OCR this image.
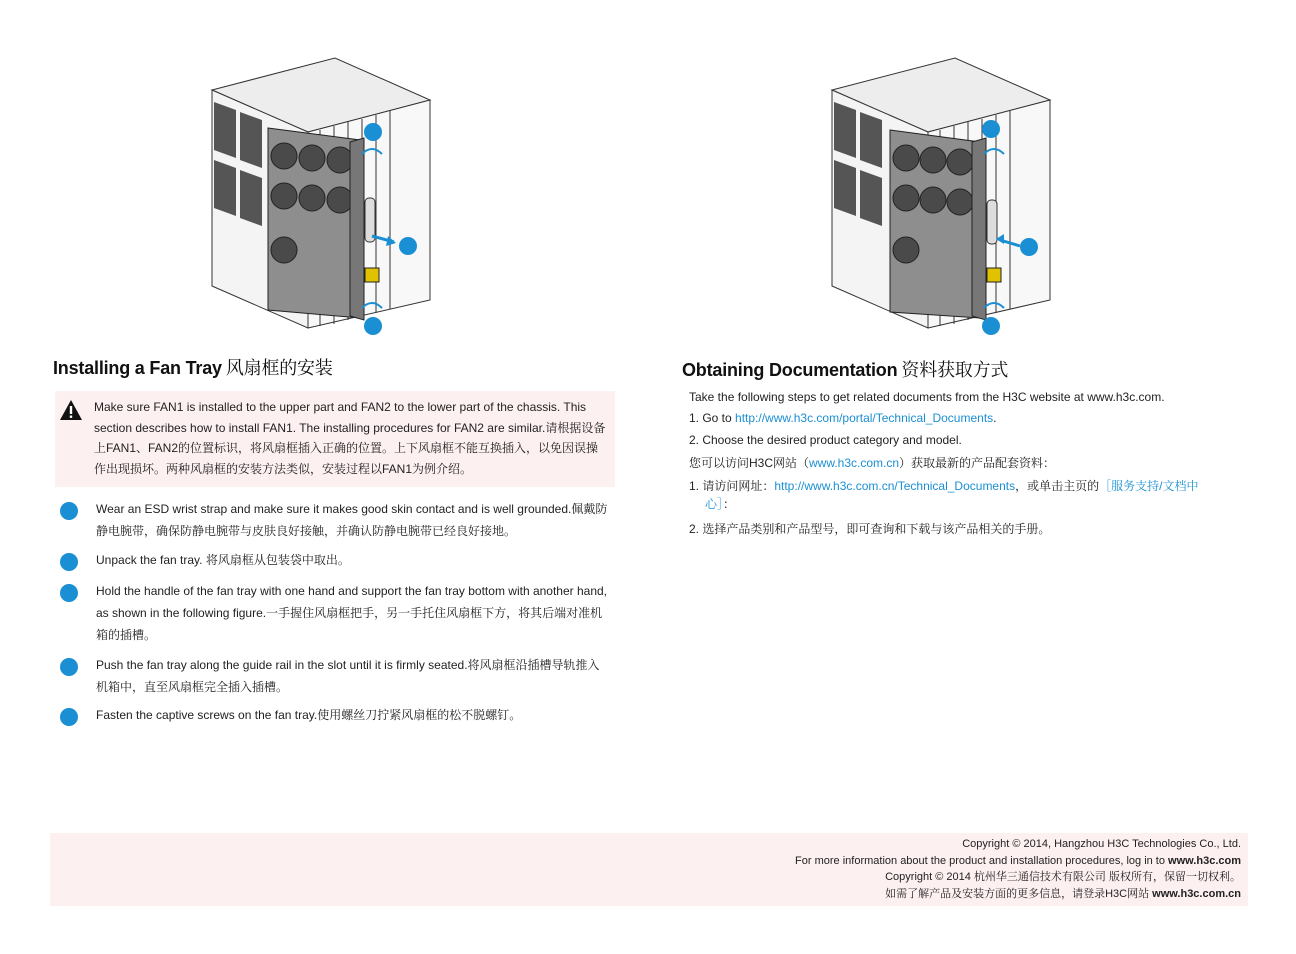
Installing a Fan Tray 风扇框的安装

Make sure FAN1 is installed to the upper part and FAN2 to the lower part of the chassis. This section describes how to install FAN1. The installing procedures for FAN2 are similar.请根据设备上FAN1、FAN2的位置标识，将风扇框插入正确的位置。上下风扇框不能互换插入，以免因误操作出现损坏。两种风扇框的安装方法类似，安装过程以FAN1为例介绍。

Wear an ESD wrist strap and make sure it makes good skin contact and is well grounded.佩戴防静电腕带，确保防静电腕带与皮肤良好接触，并确认防静电腕带已经良好接地。

Unpack the fan tray. 将风扇框从包装袋中取出。

Hold the handle of the fan tray with one hand and support the fan tray bottom with another hand, as shown in the following figure.一手握住风扇框把手，另一手托住风扇框下方，将其后端对准机箱的插槽。

Push the fan tray along the guide rail in the slot until it is firmly seated.将风扇框沿插槽导轨推入机箱中，直至风扇框完全插入插槽。

Fasten the captive screws on the fan tray.使用螺丝刀拧紧风扇框的松不脱螺钉。

Obtaining Documentation 资料获取方式

Take the following steps to get related documents from the H3C website at www.h3c.com.

1. Go to http://www.h3c.com/portal/Technical_Documents.

2. Choose the desired product category and model.

您可以访问H3C网站（www.h3c.com.cn）获取最新的产品配套资料：

1. 请访问网址：http://www.h3c.com.cn/Technical_Documents，或单击主页的［服务支持/文档中心］：

2. 选择产品类别和产品型号，即可查询和下载与该产品相关的手册。

Copyright © 2014, Hangzhou H3C Technologies Co., Ltd.
For more information about the product and installation procedures, log in to www.h3c.com
Copyright © 2014 杭州华三通信技术有限公司 版权所有，保留一切权利。
如需了解产品及安装方面的更多信息，请登录H3C网站 www.h3c.com.cn
